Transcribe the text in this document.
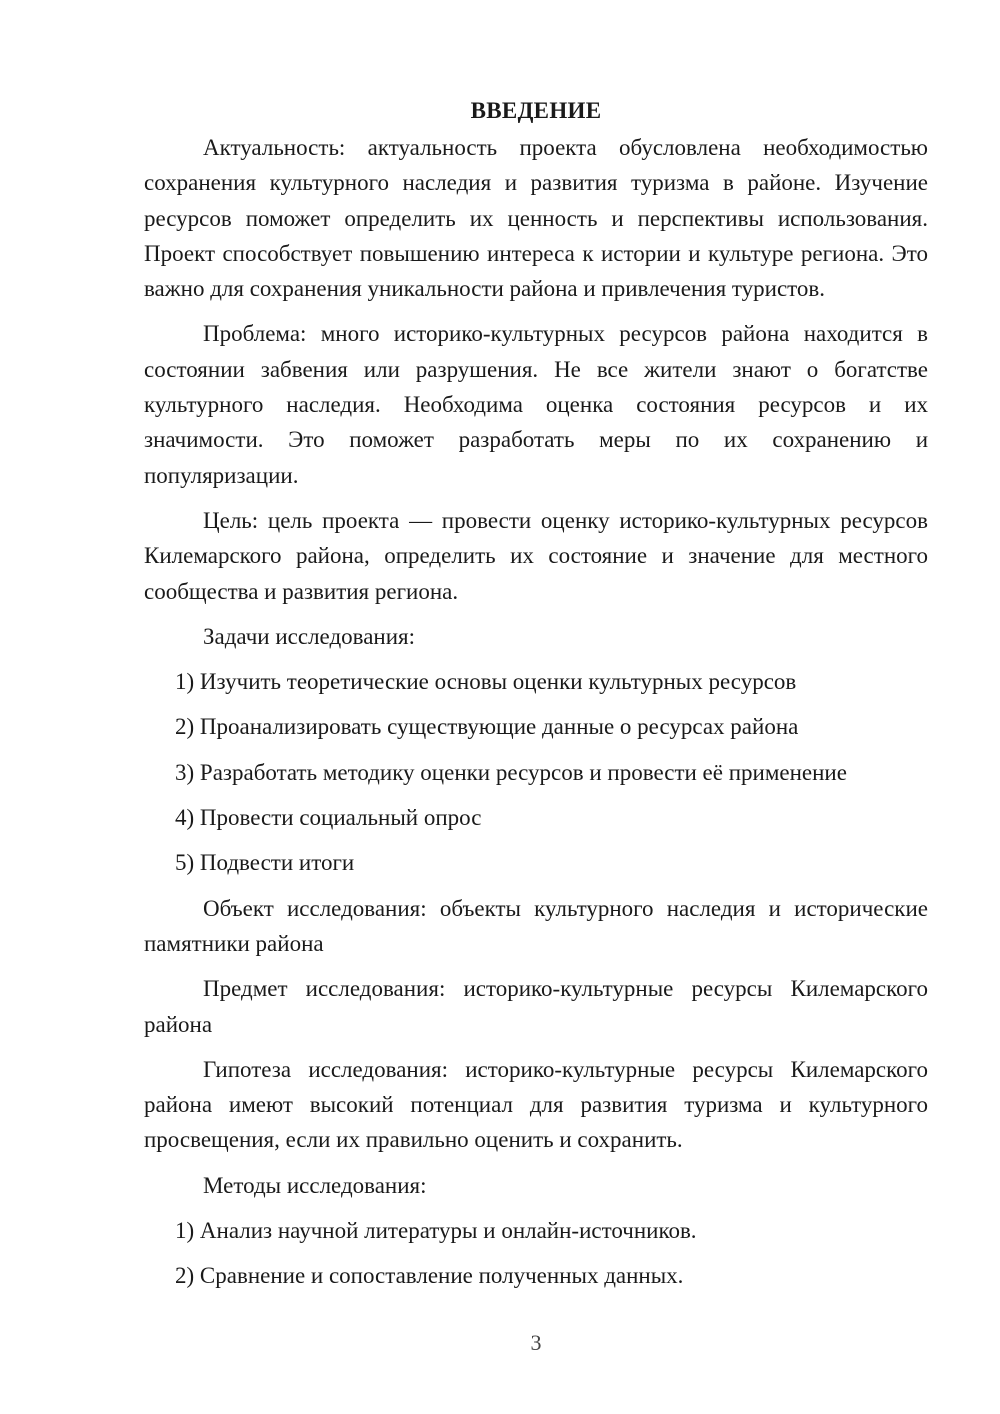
ВВЕДЕНИЕ

Актуальность: актуальность проекта обусловлена необходимостью сохранения культурного наследия и развития туризма в районе. Изучение ресурсов поможет определить их ценность и перспективы использования. Проект способствует повышению интереса к истории и культуре региона. Это важно для сохранения уникальности района и привлечения туристов.

Проблема: много историко-культурных ресурсов района находится в состоянии забвения или разрушения. Не все жители знают о богатстве культурного наследия. Необходима оценка состояния ресурсов и их значимости. Это поможет разработать меры по их сохранению и популяризации.

Цель: цель проекта — провести оценку историко-культурных ресурсов Килемарского района, определить их состояние и значение для местного сообщества и развития региона.

Задачи исследования:

1) Изучить теоретические основы оценки культурных ресурсов
2) Проанализировать существующие данные о ресурсах района
3) Разработать методику оценки ресурсов и провести её применение
4) Провести социальный опрос
5) Подвести итоги

Объект исследования: объекты культурного наследия и исторические памятники района

Предмет исследования: историко-культурные ресурсы Килемарского района

Гипотеза исследования: историко-культурные ресурсы Килемарского района имеют высокий потенциал для развития туризма и культурного просвещения, если их правильно оценить и сохранить.

Методы исследования:

1) Анализ научной литературы и онлайн-источников.
2) Сравнение и сопоставление полученных данных.
3
